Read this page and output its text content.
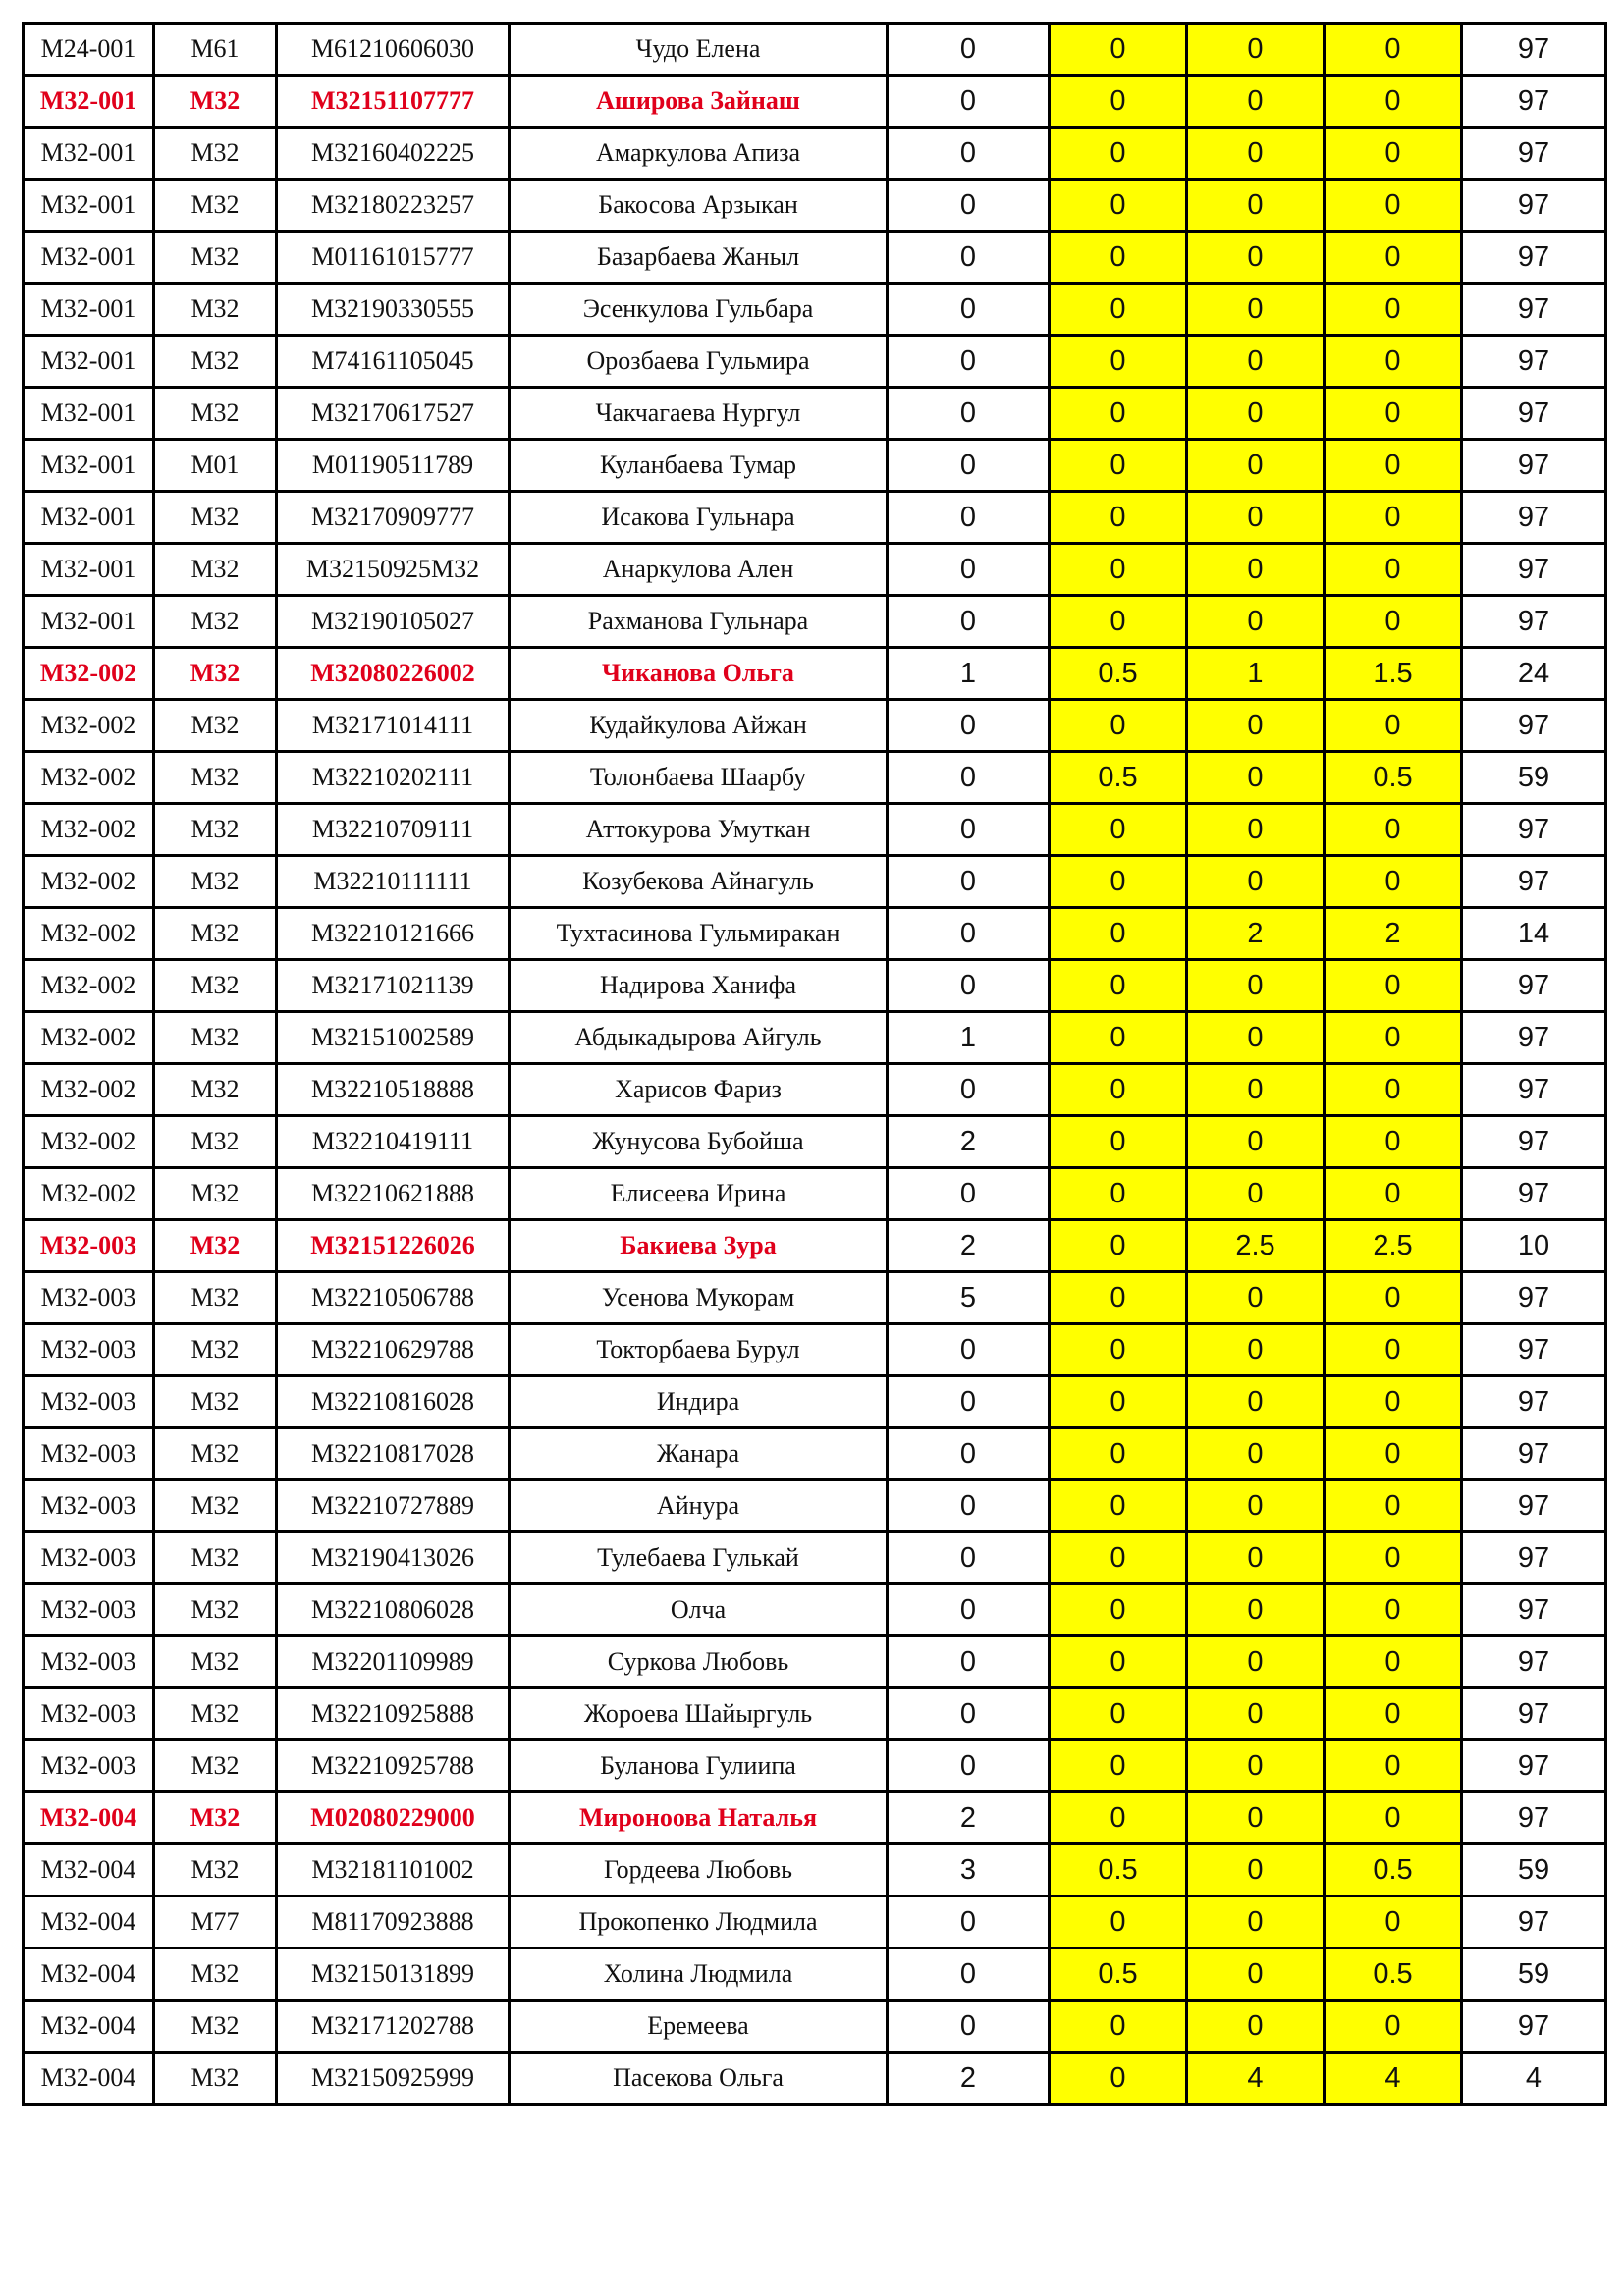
M24-001	M61	M61210606030	Чудо Елена	0	0	0	0	97
M32-001	M32	M32151107777	Аширова Зайнаш	0	0	0	0	97
M32-001	M32	M32160402225	Амаркулова Апиза	0	0	0	0	97
M32-001	M32	M32180223257	Бакосова Арзыкан	0	0	0	0	97
M32-001	M32	M01161015777	Базарбаева Жаныл	0	0	0	0	97
M32-001	M32	M32190330555	Эсенкулова Гульбара	0	0	0	0	97
M32-001	M32	M74161105045	Орозбаева Гульмира	0	0	0	0	97
M32-001	M32	M32170617527	Чакчагаева Нургул	0	0	0	0	97
M32-001	M01	M01190511789	Куланбаева Тумар	0	0	0	0	97
M32-001	M32	M32170909777	Исакова Гульнара	0	0	0	0	97
M32-001	M32	M32150925M32	Анаркулова Ален	0	0	0	0	97
M32-001	M32	M32190105027	Рахманова Гульнара	0	0	0	0	97
M32-002	M32	M32080226002	Чиканова Ольга	1	0.5	1	1.5	24
M32-002	M32	M32171014111	Кудайкулова Айжан	0	0	0	0	97
M32-002	M32	M32210202111	Толонбаева Шаарбу	0	0.5	0	0.5	59
M32-002	M32	M32210709111	Аттокурова Умуткан	0	0	0	0	97
M32-002	M32	M32210111111	Козубекова Айнагуль	0	0	0	0	97
M32-002	M32	M32210121666	Тухтасинова Гульмиракан	0	0	2	2	14
M32-002	M32	M32171021139	Надирова Ханифа	0	0	0	0	97
M32-002	M32	M32151002589	Абдыкадырова Айгуль	1	0	0	0	97
M32-002	M32	M32210518888	Харисов Фариз	0	0	0	0	97
M32-002	M32	M32210419111	Жунусова Бубойша	2	0	0	0	97
M32-002	M32	M32210621888	Елисеева Ирина	0	0	0	0	97
M32-003	M32	M32151226026	Бакиева Зура	2	0	2.5	2.5	10
M32-003	M32	M32210506788	Усенова Мукорам	5	0	0	0	97
M32-003	M32	M32210629788	Токторбаева Бурул	0	0	0	0	97
M32-003	M32	M32210816028	Индира	0	0	0	0	97
M32-003	M32	M32210817028	Жанара	0	0	0	0	97
M32-003	M32	M32210727889	Айнура	0	0	0	0	97
M32-003	M32	M32190413026	Тулебаева Гулькай	0	0	0	0	97
M32-003	M32	M32210806028	Олча	0	0	0	0	97
M32-003	M32	M32201109989	Суркова Любовь	0	0	0	0	97
M32-003	M32	M32210925888	Жороева Шайыргуль	0	0	0	0	97
M32-003	M32	M32210925788	Буланова Гулиипа	0	0	0	0	97
M32-004	M32	M02080229000	Мироноова Наталья	2	0	0	0	97
M32-004	M32	M32181101002	Гордеева Любовь	3	0.5	0	0.5	59
M32-004	M77	M81170923888	Прокопенко Людмила	0	0	0	0	97
M32-004	M32	M32150131899	Холина Людмила	0	0.5	0	0.5	59
M32-004	M32	M32171202788	Еремеева	0	0	0	0	97
M32-004	M32	M32150925999	Пасекова Ольга	2	0	4	4	4
